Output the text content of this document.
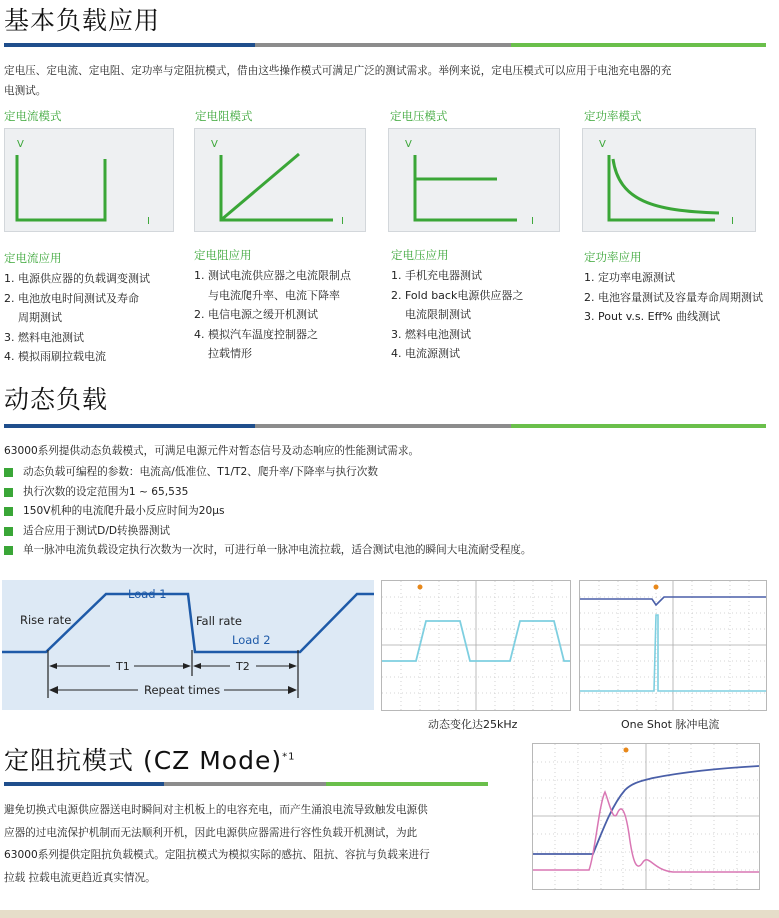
基本负载应用
定电压、定电流、定电阻、定功率与定阻抗模式，借由这些操作模式可满足广泛的测试需求。举例来说，定电压模式可以应用于电池充电器的充
电测试。
定电流模式	定电阻模式	定电压模式	定功率模式
V
I
V
I
V
I
V
I
定电流应用
1. 电源供应器的负载调变测试
2. 电池放电时间测试及寿命
周期测试
3. 燃料电池测试
4. 模拟雨刷拉载电流
定电阻应用
1. 测试电流供应器之电流限制点
与电流爬升率、电流下降率
2. 电信电源之缓开机测试
4. 模拟汽车温度控制器之
拉载情形
定电压应用
1. 手机充电器测试
2. Fold back电源供应器之
电流限制测试
3. 燃料电池测试
4. 电流源测试
定功率应用
1. 定功率电源测试
2. 电池容量测试及容量寿命周期测试
3. Pout v.s. Eff% 曲线测试
动态负载
63000系列提供动态负载模式，可满足电源元件对暂态信号及动态响应的性能测试需求。
动态负载可编程的参数：电流高/低准位、T1/T2、爬升率/下降率与执行次数
执行次数的设定范围为1 ~ 65,535
150V机种的电流爬升最小反应时间为20μs
适合应用于测试D/D转换器测试
单一脉冲电流负载设定执行次数为一次时，可进行单一脉冲电流拉载，适合测试电池的瞬间大电流耐受程度。
Load 1
Load 2
Rise rate	Fall rate
T1	T2
Repeat times
动态变化达25kHz	One Shot 脉冲电流
定阻抗模式 (CZ Mode)$^{*1}$
避免切换式电源供应器送电时瞬间对主机板上的电容充电，而产生涌浪电流导致触发电源供
应器的过电流保护机制而无法顺利开机，因此电源供应器需进行容性负载开机测试，为此
63000系列提供定阻抗负载模式。定阻抗模式为模拟实际的感抗、阻抗、容抗与负载来进行
拉载 拉载电流更趋近真实情况。
